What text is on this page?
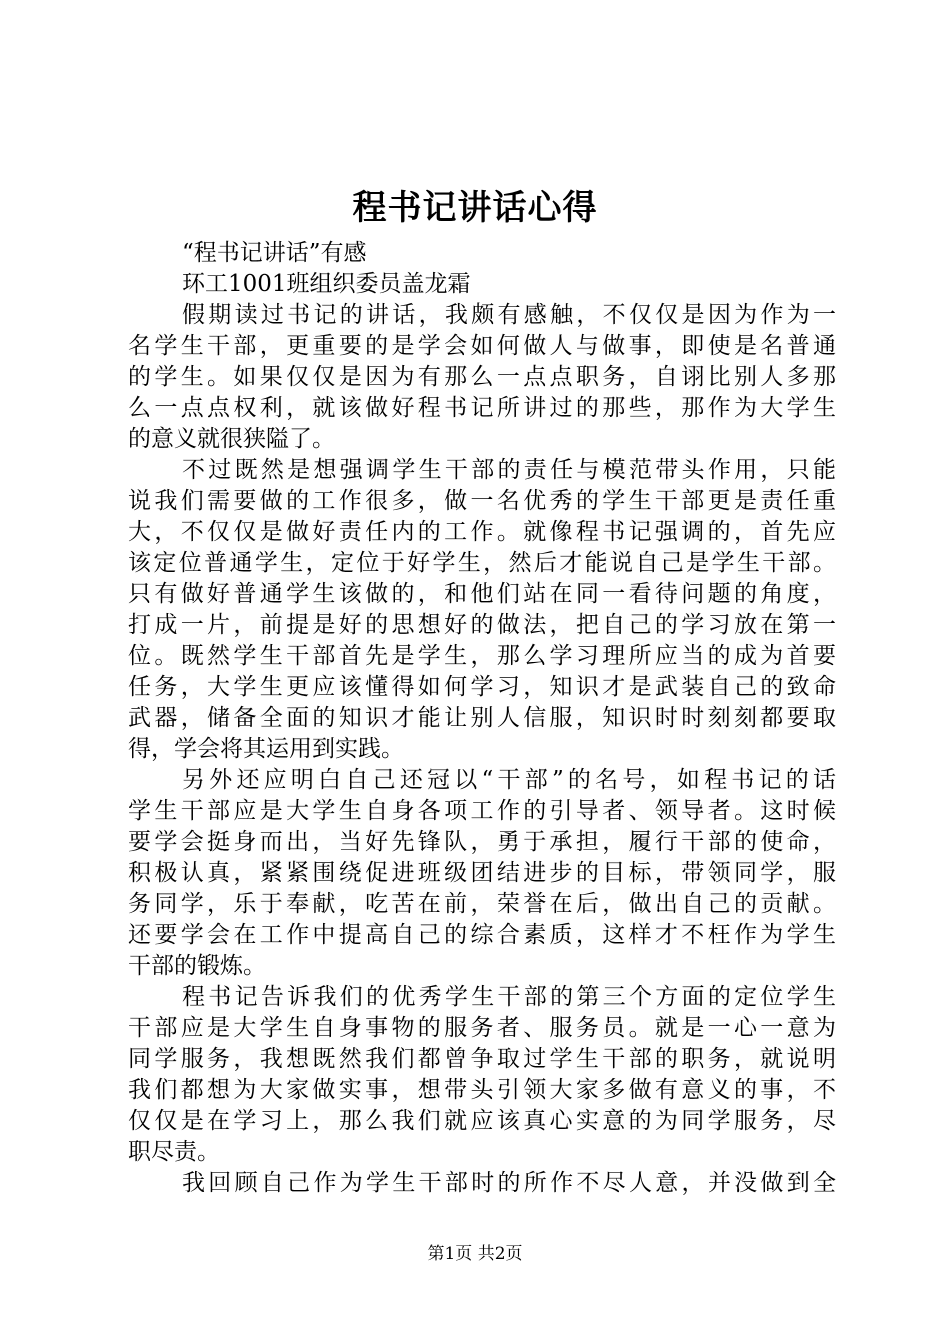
程书记讲话心得
“程书记讲话”有感
环工1001班组织委员盖龙霜
假期读过书记的讲话，我颇有感触，不仅仅是因为作为一
名学生干部，更重要的是学会如何做人与做事，即使是名普通
的学生。如果仅仅是因为有那么一点点职务，自诩比别人多那
么一点点权利，就该做好程书记所讲过的那些，那作为大学生
的意义就很狭隘了。
不过既然是想强调学生干部的责任与模范带头作用，只能
说我们需要做的工作很多，做一名优秀的学生干部更是责任重
大，不仅仅是做好责任内的工作。就像程书记强调的，首先应
该定位普通学生，定位于好学生，然后才能说自己是学生干部。
只有做好普通学生该做的，和他们站在同一看待问题的角度，
打成一片，前提是好的思想好的做法，把自己的学习放在第一
位。既然学生干部首先是学生，那么学习理所应当的成为首要
任务，大学生更应该懂得如何学习，知识才是武装自己的致命
武器，储备全面的知识才能让别人信服，知识时时刻刻都要取
得，学会将其运用到实践。
另外还应明白自己还冠以“干部”的名号，如程书记的话
学生干部应是大学生自身各项工作的引导者、领导者。这时候
要学会挺身而出，当好先锋队，勇于承担，履行干部的使命，
积极认真，紧紧围绕促进班级团结进步的目标，带领同学，服
务同学，乐于奉献，吃苦在前，荣誉在后，做出自己的贡献。
还要学会在工作中提高自己的综合素质，这样才不枉作为学生
干部的锻炼。
程书记告诉我们的优秀学生干部的第三个方面的定位学生
干部应是大学生自身事物的服务者、服务员。就是一心一意为
同学服务，我想既然我们都曾争取过学生干部的职务，就说明
我们都想为大家做实事，想带头引领大家多做有意义的事，不
仅仅是在学习上，那么我们就应该真心实意的为同学服务，尽
职尽责。
我回顾自己作为学生干部时的所作不尽人意，并没做到全
第1页 共2页
